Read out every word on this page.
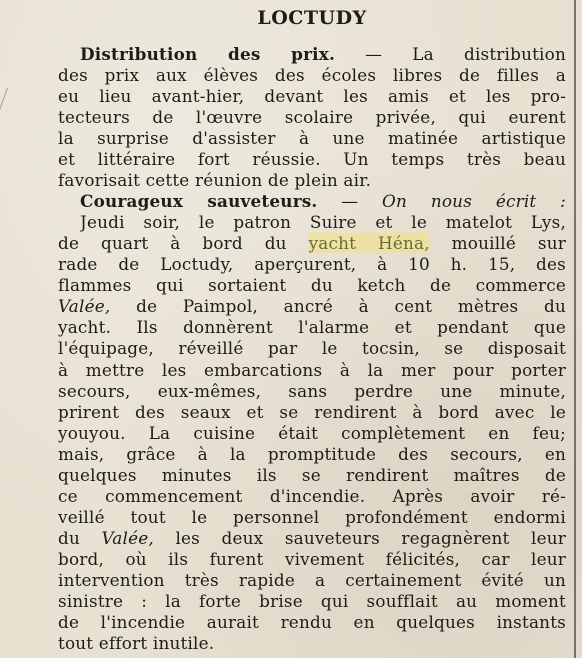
LOCTUDY
Distribution des prix. — La distribution
des prix aux élèves des écoles libres de filles a
eu lieu avant-hier, devant les amis et les pro-
tecteurs de l'œuvre scolaire privée, qui eurent
la surprise d'assister à une matinée artistique
et littéraire fort réussie. Un temps très beau
favorisait cette réunion de plein air.
Courageux sauveteurs. — On nous écrit :
Jeudi soir, le patron Suire et le matelot Lys,
de quart à bord du yacht Héna, mouillé sur
rade de Loctudy, aperçurent, à 10 h. 15, des
flammes qui sortaient du ketch de commerce
Valée, de Paimpol, ancré à cent mètres du
yacht. Ils donnèrent l'alarme et pendant que
l'équipage, réveillé par le tocsin, se disposait
à mettre les embarcations à la mer pour porter
secours, eux-mêmes, sans perdre une minute,
prirent des seaux et se rendirent à bord avec le
youyou. La cuisine était complètement en feu;
mais, grâce à la promptitude des secours, en
quelques minutes ils se rendirent maîtres de
ce commencement d'incendie. Après avoir ré-
veillé tout le personnel profondément endormi
du Valée, les deux sauveteurs regagnèrent leur
bord, où ils furent vivement félicités, car leur
intervention très rapide a certainement évité un
sinistre : la forte brise qui soufflait au moment
de l'incendie aurait rendu en quelques instants
tout effort inutile.
